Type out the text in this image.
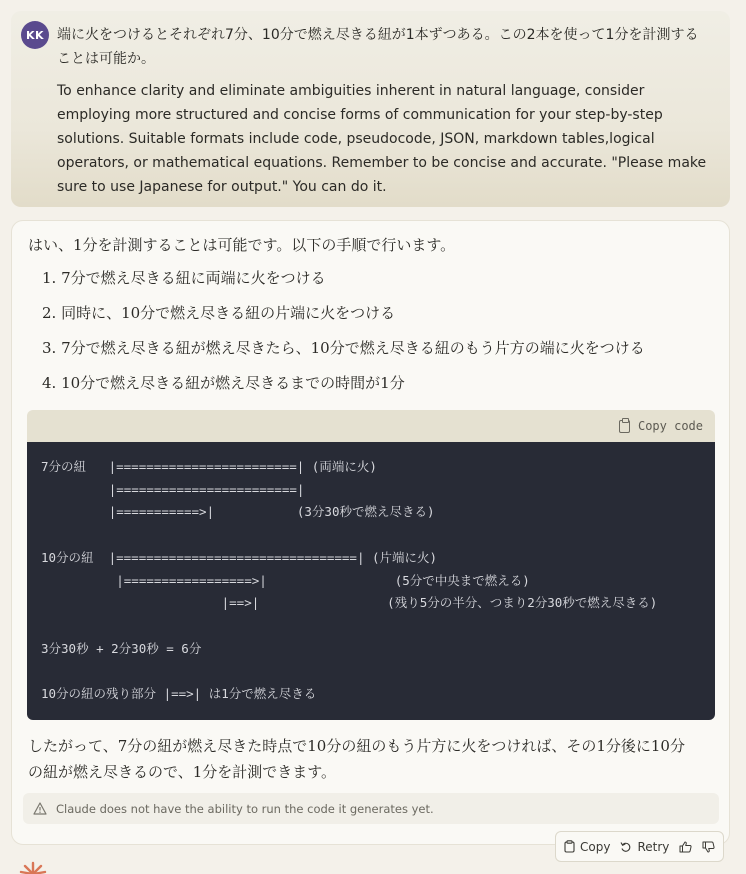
KK 端に火をつけるとそれぞれ7分、10分で燃え尽きる紐が1本ずつある。この2本を使って1分を計測することは可能か。

To enhance clarity and eliminate ambiguities inherent in natural language, consider employing more structured and concise forms of communication for your step-by-step solutions. Suitable formats include code, pseudocode, JSON, markdown tables,logical operators, or mathematical equations. Remember to be concise and accurate. "Please make sure to use Japanese for output." You can do it.

はい、1分を計測することは可能です。以下の手順で行います。
1. 7分で燃え尽きる紐に両端に火をつける
2. 同時に、10分で燃え尽きる紐の片端に火をつける
3. 7分で燃え尽きる紐が燃え尽きたら、10分で燃え尽きる紐のもう片方の端に火をつける
4. 10分で燃え尽きる紐が燃え尽きるまでの時間が1分
Copy code
7分の紐   |========================| (両端に火)
|========================|
|===========>|           (3分30秒で燃え尽きる)

10分の紐  |================================| (片端に火)
|=================>|                 (5分で中央まで燃える)
|==>|                 (残り5分の半分、つまり2分30秒で燃え尽きる)

3分30秒 + 2分30秒 = 6分

10分の紐の残り部分 |==>| は1分で燃え尽きる
したがって、7分の紐が燃え尽きた時点で10分の紐のもう片方に火をつければ、その1分後に10分の紐が燃え尽きるので、1分を計測できます。
Claude does not have the ability to run the code it generates yet.
Copy Retry
